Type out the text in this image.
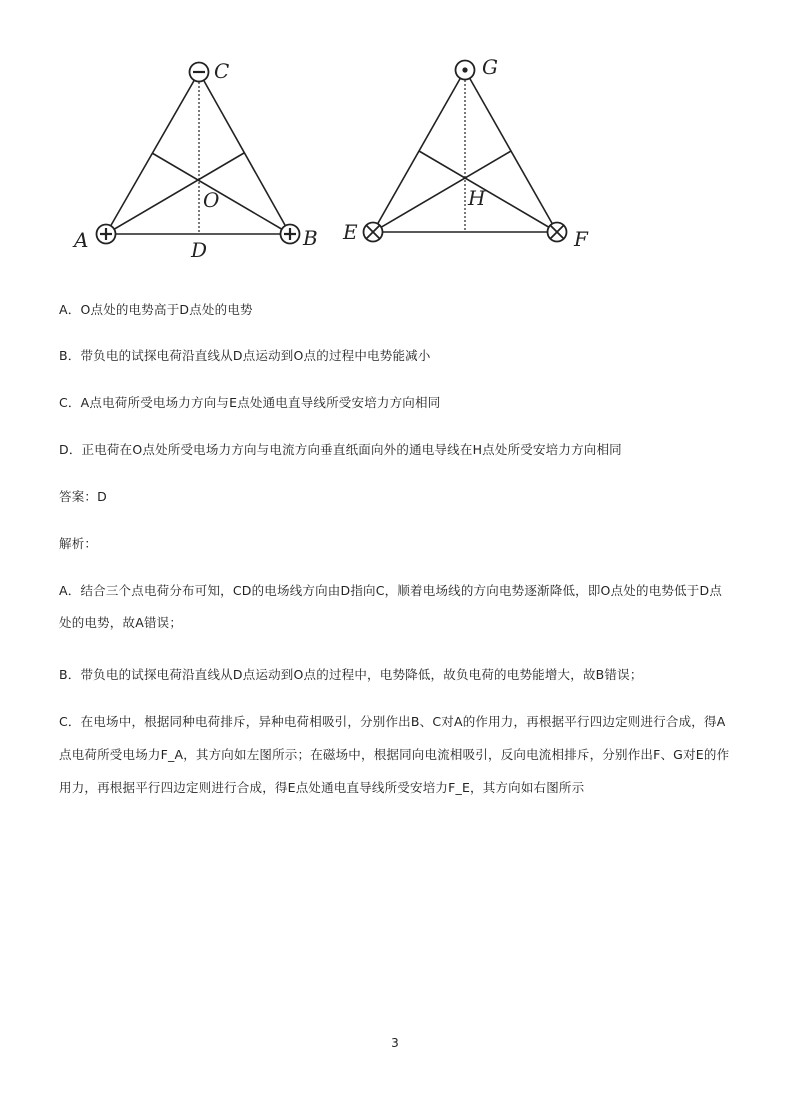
C
A	B
O
D
G
E	F
H
A．O点处的电势高于D点处的电势
B．带负电的试探电荷沿直线从D点运动到O点的过程中电势能减小
C．A点电荷所受电场力方向与E点处通电直导线所受安培力方向相同
D．正电荷在O点处所受电场力方向与电流方向垂直纸面向外的通电导线在H点处所受安培力方向相同
答案：D
解析：
A．结合三个点电荷分布可知，CD的电场线方向由D指向C，顺着电场线的方向电势逐渐降低，即O点处的电势低于D点处的电势，故A错误；
B．带负电的试探电荷沿直线从D点运动到O点的过程中，电势降低，故负电荷的电势能增大，故B错误；
C．在电场中，根据同种电荷排斥，异种电荷相吸引，分别作出B、C对A的作用力，再根据平行四边定则进行合成，得A点电荷所受电场力F_A，其方向如左图所示；在磁场中，根据同向电流相吸引，反向电流相排斥，分别作出F、G对E的作用力，再根据平行四边定则进行合成，得E点处通电直导线所受安培力F_E，其方向如右图所示
3
